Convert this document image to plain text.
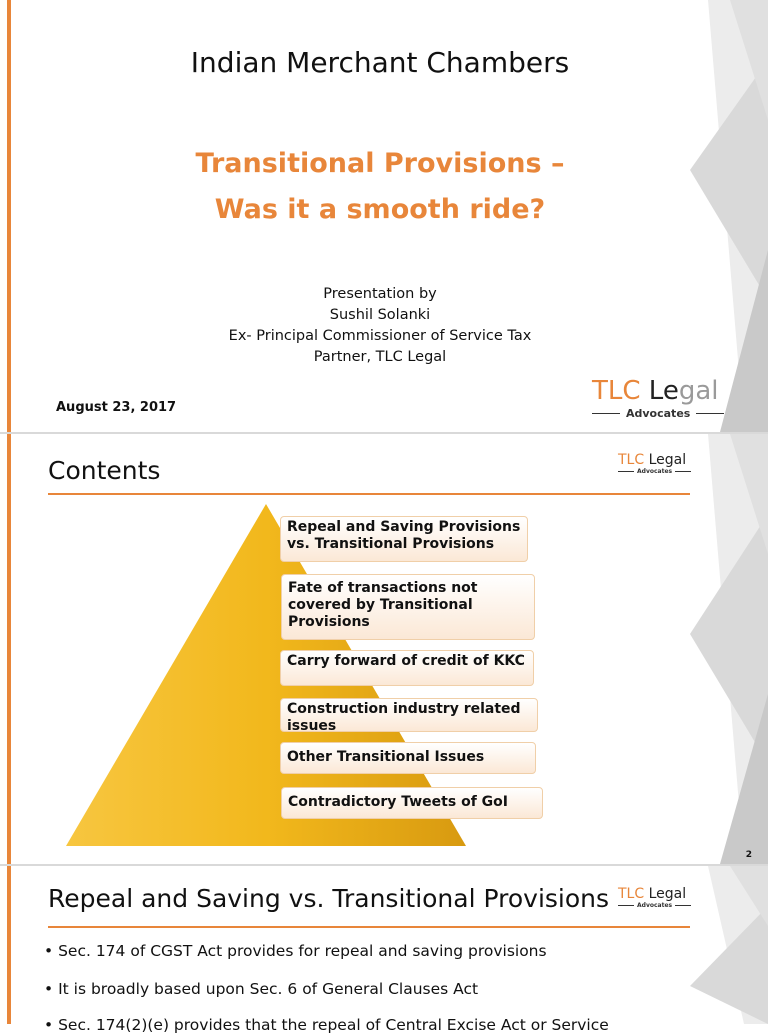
Indian Merchant Chambers
Transitional Provisions –
Was it a smooth ride?
Presentation by
Sushil Solanki
Ex- Principal Commissioner of Service Tax
Partner, TLC Legal
August 23, 2017
TLC Legal
Advocates
Contents	TLC Legal
Advocates
Repeal and Saving Provisions vs. Transitional Provisions
Fate of transactions not covered by Transitional Provisions
Carry forward of credit of KKC
Construction industry related issues
Other Transitional Issues
Contradictory Tweets of GoI
2
Repeal and Saving vs. Transitional Provisions TLC Legal
Advocates
• Sec. 174 of CGST Act provides for repeal and saving provisions
• It is broadly based upon Sec. 6 of General Clauses Act
• Sec. 174(2)(e) provides that the repeal of Central Excise Act or Service
